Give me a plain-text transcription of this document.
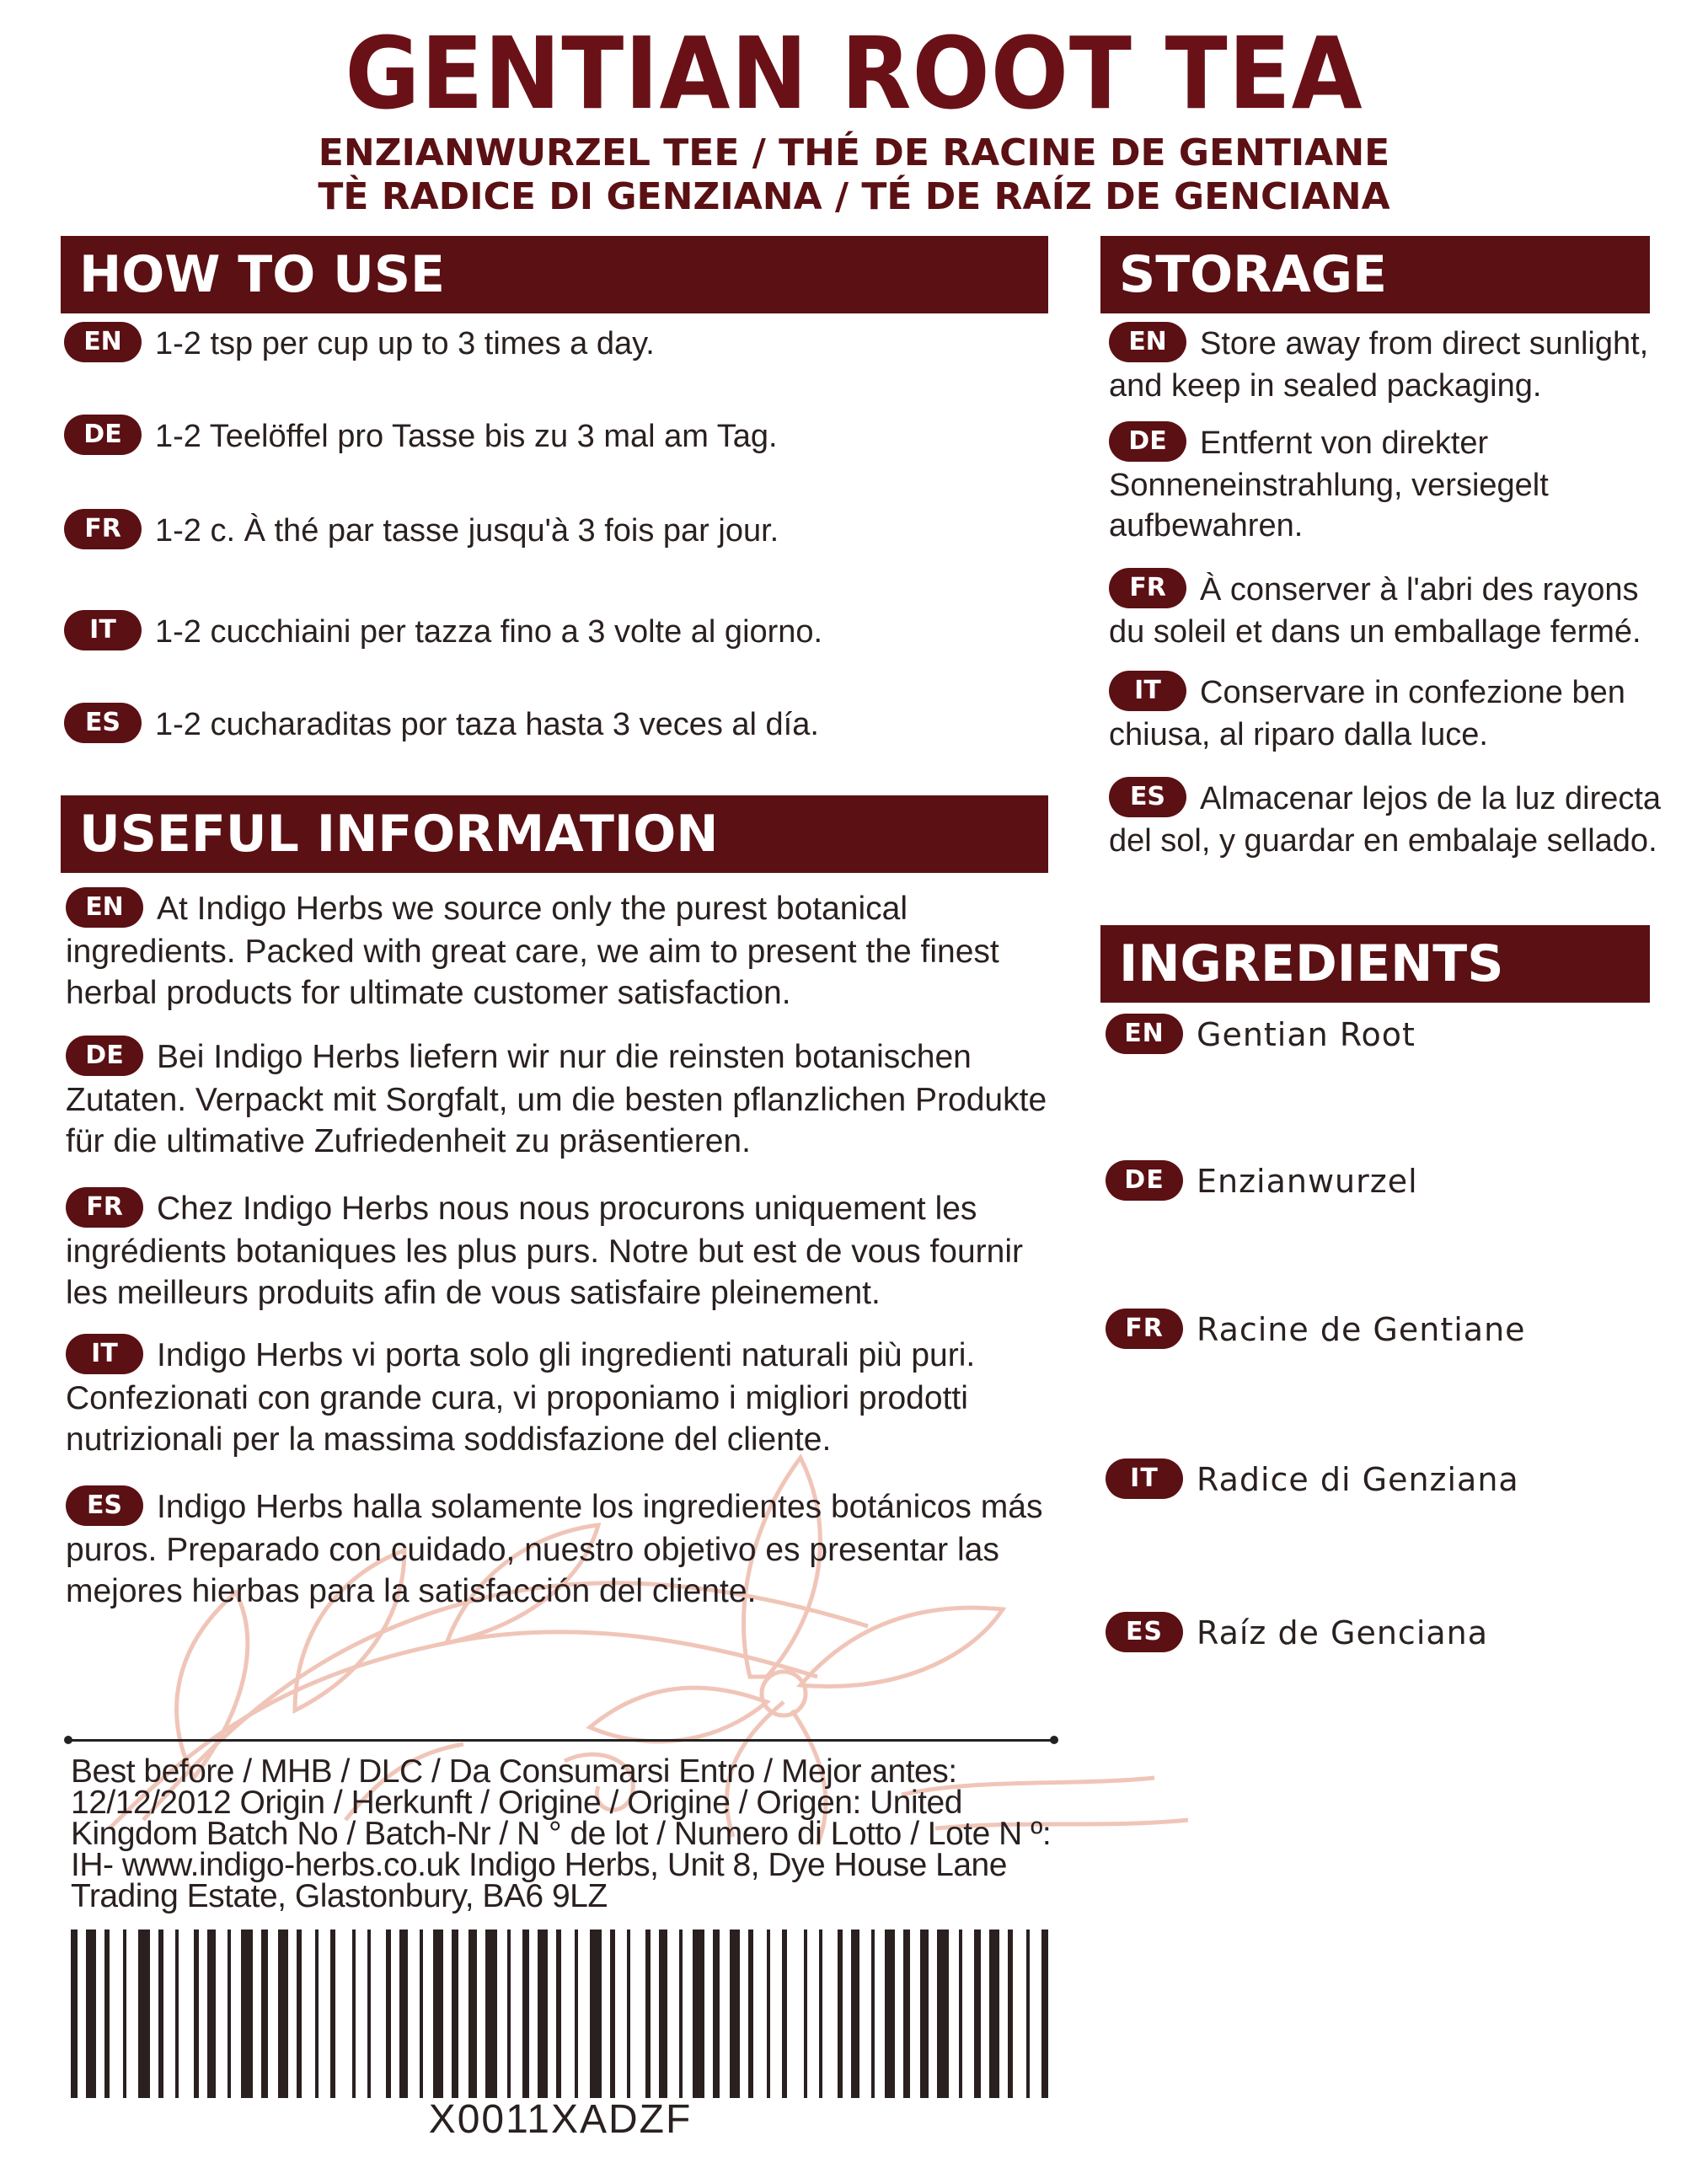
GENTIAN ROOT TEA
ENZIANWURZEL TEE / THÉ DE RACINE DE GENTIANE
TÈ RADICE DI GENZIANA / TÉ DE RAÍZ DE GENCIANA
HOW TO USE
EN 1-2 tsp per cup up to 3 times a day.
DE 1-2 Teelöffel pro Tasse bis zu 3 mal am Tag.
FR 1-2 c. À thé par tasse jusqu'à 3 fois par jour.
IT 1-2 cucchiaini per tazza fino a 3 volte al giorno.
ES 1-2 cucharaditas por taza hasta 3 veces al día.
USEFUL INFORMATION
EN At Indigo Herbs we source only the purest botanical ingredients. Packed with great care, we aim to present the finest herbal products for ultimate customer satisfaction.
DE Bei Indigo Herbs liefern wir nur die reinsten botanischen Zutaten. Verpackt mit Sorgfalt, um die besten pflanzlichen Produkte für die ultimative Zufriedenheit zu präsentieren.
FR Chez Indigo Herbs nous nous procurons uniquement les ingrédients botaniques les plus purs. Notre but est de vous fournir les meilleurs produits afin de vous satisfaire pleinement.
IT Indigo Herbs vi porta solo gli ingredienti naturali più puri. Confezionati con grande cura, vi proponiamo i migliori prodotti nutrizionali per la massima soddisfazione del cliente.
ES Indigo Herbs halla solamente los ingredientes botánicos más puros. Preparado con cuidado, nuestro objetivo es presentar las mejores hierbas para la satisfacción del cliente.
STORAGE
EN Store away from direct sunlight, and keep in sealed packaging.
DE Entfernt von direkter Sonneneinstrahlung, versiegelt aufbewahren.
FR À conserver à l'abri des rayons du soleil et dans un emballage fermé.
IT Conservare in confezione ben chiusa, al riparo dalla luce.
ES Almacenar lejos de la luz directa del sol, y guardar en embalaje sellado.
INGREDIENTS
EN Gentian Root
DE Enzianwurzel
FR Racine de Gentiane
IT Radice di Genziana
ES Raíz de Genciana
Best before / MHB / DLC / Da Consumarsi Entro / Mejor antes: 12/12/2012 Origin / Herkunft / Origine / Origine / Origen: United Kingdom Batch No / Batch-Nr / N ° de lot / Numero di Lotto / Lote N º: IH- www.indigo-herbs.co.uk Indigo Herbs, Unit 8, Dye House Lane Trading Estate, Glastonbury, BA6 9LZ
X0011XADZF
